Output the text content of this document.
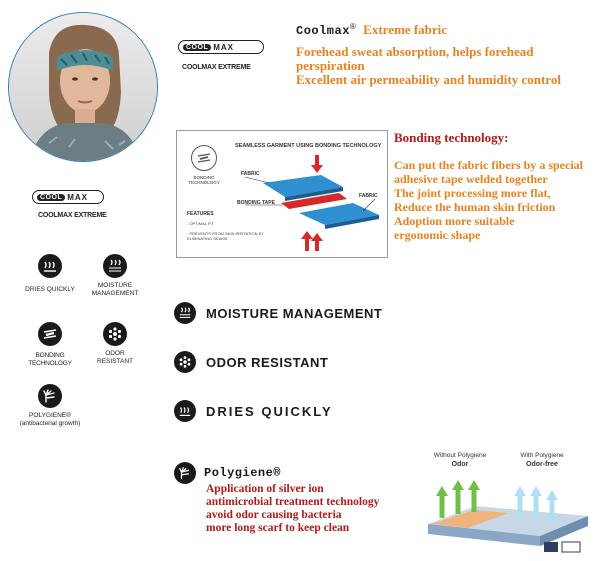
COOL MAX
COOLMAX EXTREME
Coolmax® Extreme fabric
Forehead sweat absorption, helps forehead perspiration
Excellent air permeability and humidity control
COOL MAX
COOLMAX EXTREME
DRIES QUICKLY
MOISTURE MANAGEMENT
BONDING TECHNOLOGY
ODOR RESISTANT
POLYGIENE®
(antibacterial growth)
SEAMLESS GARMENT USING BONDING TECHNOLOGY
BONDING TECHNOLOGY
FEATURES
- OPTIMAL FIT
- PREVENTS FROM SKIN IRRITATION BY ELIMINATING SEAMS
FABRIC
BONDING TAPE
FABRIC
Bonding technology:
Can put the fabric fibers by a special adhesive tape welded together
The joint processing more flat,
Reduce the human skin friction
Adoption more suitable ergonomic shape
MOISTURE MANAGEMENT
ODOR RESISTANT
DRIES QUICKLY
Polygiene®
Application of silver ion
antimicrobial treatment technology
avoid odor causing bacteria
more long scarf to keep clean
Without Polygiene
Odor
With Polygiene
Odor-free
